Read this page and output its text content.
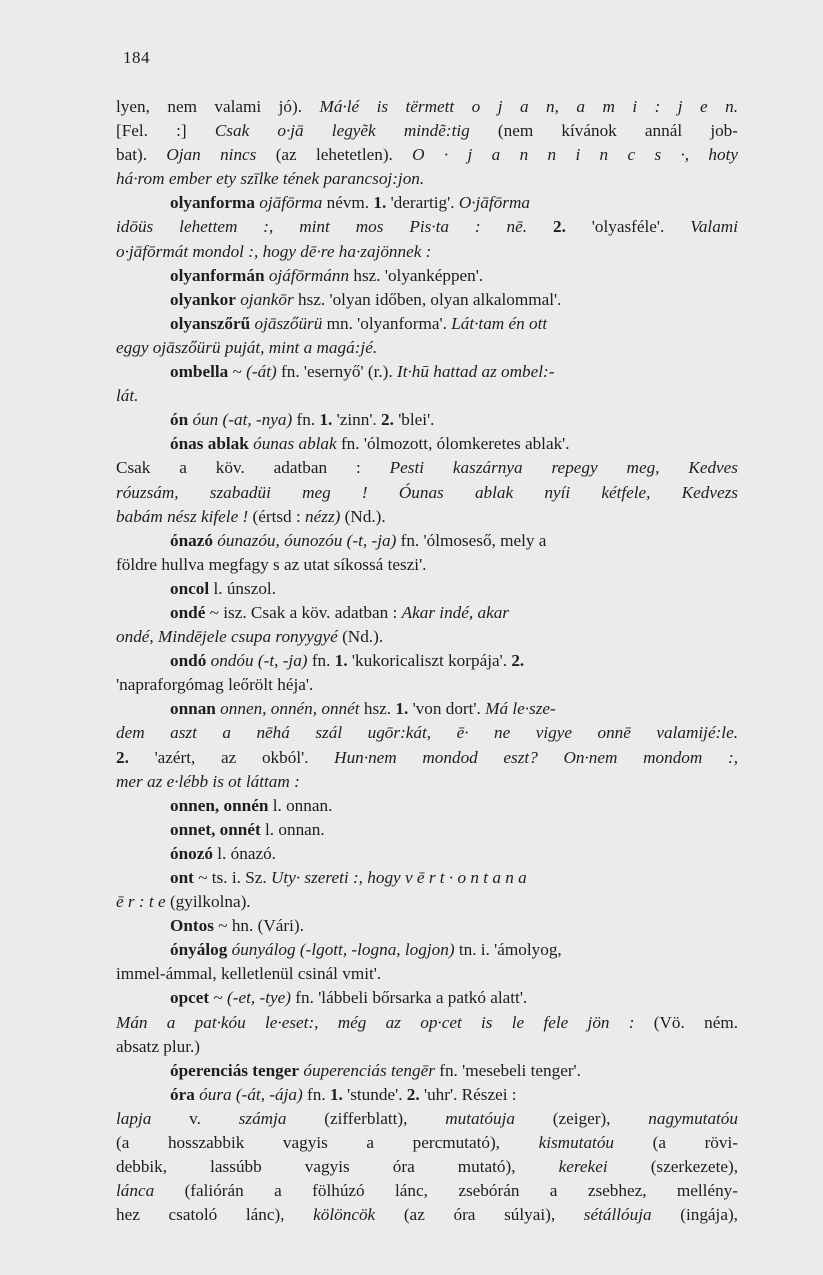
184
lyen, nem valami jó). Má·lé is tërmett o j a n, a m i : j e n.
[Fel. :] Csak o·jā legyẽk mindẽ:tig (nem kívánok annál job-
bat). Ojan nincs (az lehetetlen). O · j a n n i n c s ·, hoty
há·rom ember ety szīlke tének parancsoj:jon.
olyanforma ojāfōrma névm. 1. 'derartig'. O·jāfōrma
idōüs lehettem :, mint mos Pis·ta : nē. 2. 'olyasféle'. Valami
o·jāfōrmát mondol :, hogy dē·re ha·zajönnek :
olyanformán ojáfōrmánn hsz. 'olyanképpen'.
olyankor ojankōr hsz. 'olyan időben, olyan alkalommal'.
olyanszőrű ojāszőürü mn. 'olyanforma'. Lát·tam én ott
eggy ojāszőürü puját, mint a magá:jé.
ombella ~ (-át) fn. 'esernyő' (r.). It·hū hattad az ombel:-
lát.
ón óun (-at, -nya) fn. 1. 'zinn'. 2. 'blei'.
ónas ablak óunas ablak fn. 'ólmozott, ólomkeretes ablak'.
Csak a köv. adatban : Pesti kaszárnya repegy meg, Kedves
róuzsám, szabadüi meg ! Óunas ablak nyíi kétfele, Kedvezs
babám nész kifele ! (értsd : nézz) (Nd.).
ónazó óunazóu, óunozóu (-t, -ja) fn. 'ólmoseső, mely a
földre hullva megfagy s az utat síkossá teszi'.
oncol l. únszol.
ondé ~ isz. Csak a köv. adatban : Akar indé, akar
ondé, Mindējele csupa ronyygyé (Nd.).
ondó ondóu (-t, -ja) fn. 1. 'kukoricaliszt korpája'. 2.
'napraforgómag leőrölt héja'.
onnan onnen, onnén, onnét hsz. 1. 'von dort'. Má le·sze-
dem aszt a nēhá szál ugōr:kát, ē· ne vigye onnē valamijé:le.
2. 'azért, az okból'. Hun·nem mondod eszt? On·nem mondom :,
mer az e·lébb is ot láttam :
onnen, onnén l. onnan.
onnet, onnét l. onnan.
ónozó l. ónazó.
ont ~ ts. i. Sz. Uty· szereti :, hogy v ē r t · o n t a n a
ē r : t e (gyilkolna).
Ontos ~ hn. (Vári).
ónyálog óunyálog (-lgott, -logna, logjon) tn. i. 'ámolyog,
immel-ámmal, kelletlenül csinál vmit'.
opcet ~ (-et, -tye) fn. 'lábbeli bőrsarka a patkó alatt'.
Mán a pat·kóu le·eset:, még az op·cet is le fele jön : (Vö. ném.
absatz plur.)
óperenciás tenger óuperenciás tengēr fn. 'mesebeli tenger'.
óra óura (-át, -ája) fn. 1. 'stunde'. 2. 'uhr'. Részei :
lapja v. számja (zifferblatt), mutatóuja (zeiger), nagymutatóu
(a hosszabbik vagyis a percmutató), kismutatóu (a rövi-
debbik, lassúbb vagyis óra mutató), kerekei (szerkezete),
lánca (faliórán a fölhúzó lánc, zsebórán a zsebhez, mellény-
hez csatoló lánc), kölöncök (az óra súlyai), sétállóuja (ingája),
